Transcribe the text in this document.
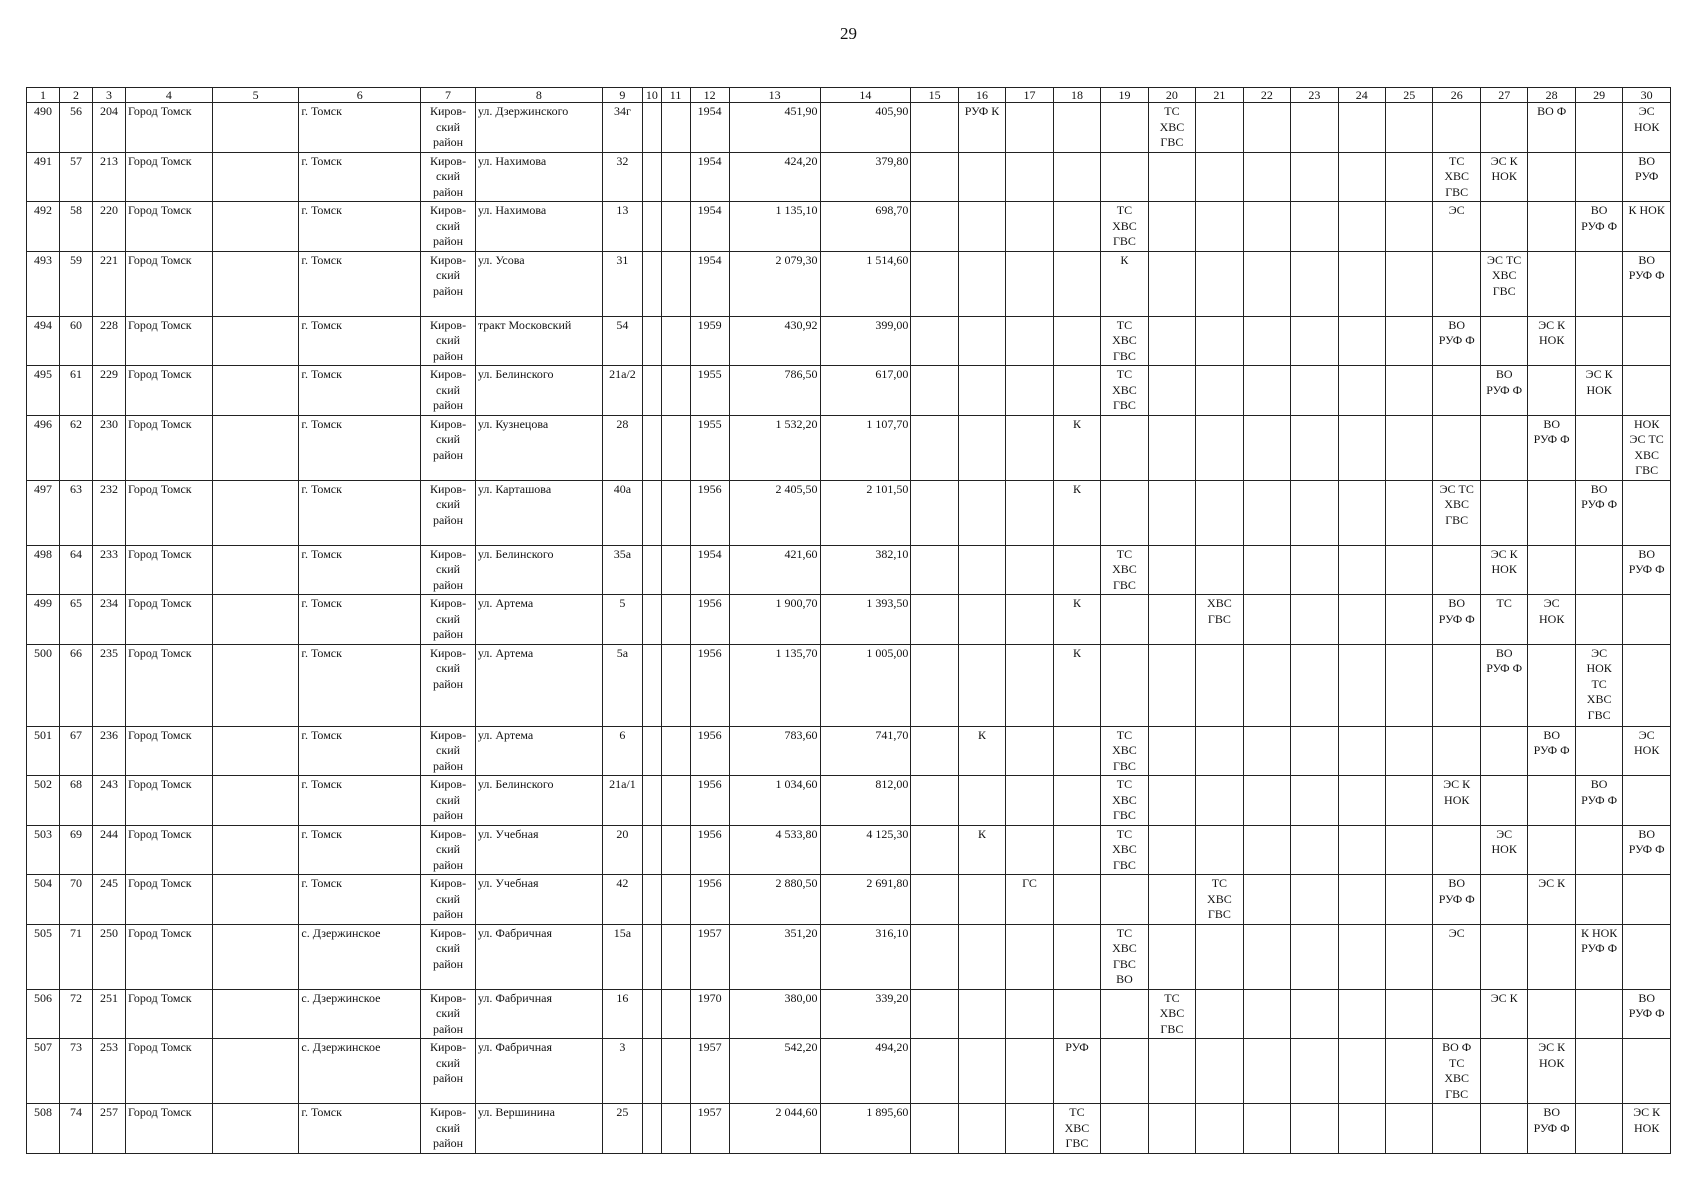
29
1	2	3	4	5	6	7	8	9	10	11	12	13	14	15	16	17	18	19	20	21	22	23	24	25	26	27	28	29	30
490	56	204	Город Томск		г. Томск	Киров-
ский
район	ул. Дзержинского	34г			1954	451,90	405,90		РУФ К				ТС
ХВС
ГВС								ВО Ф		ЭС
НОК
491	57	213	Город Томск		г. Томск	Киров-
ский
район	ул. Нахимова	32			1954	424,20	379,80												ТС
ХВС
ГВС	ЭС К
НОК			ВО
РУФ
492	58	220	Город Томск		г. Томск	Киров-
ский
район	ул. Нахимова	13			1954	1 135,10	698,70					ТС
ХВС
ГВС							ЭС			ВО
РУФ Ф	К НОК
493	59	221	Город Томск		г. Томск	Киров-
ский
район	ул. Усова	31			1954	2 079,30	1 514,60					К								ЭС ТС
ХВС
ГВС			ВО
РУФ Ф
494	60	228	Город Томск		г. Томск	Киров-
ский
район	тракт Московский	54			1959	430,92	399,00					ТС
ХВС
ГВС							ВО
РУФ Ф		ЭС К
НОК		
495	61	229	Город Томск		г. Томск	Киров-
ский
район	ул. Белинского	21а/2			1955	786,50	617,00					ТС
ХВС
ГВС								ВО
РУФ Ф		ЭС К
НОК	
496	62	230	Город Томск		г. Томск	Киров-
ский
район	ул. Кузнецова	28			1955	1 532,20	1 107,70				К										ВО
РУФ Ф		НОК
ЭС ТС
ХВС
ГВС
497	63	232	Город Томск		г. Томск	Киров-
ский
район	ул. Карташова	40а			1956	2 405,50	2 101,50				К								ЭС ТС
ХВС
ГВС			ВО
РУФ Ф	
498	64	233	Город Томск		г. Томск	Киров-
ский
район	ул. Белинского	35а			1954	421,60	382,10					ТС
ХВС
ГВС								ЭС К
НОК			ВО
РУФ Ф
499	65	234	Город Томск		г. Томск	Киров-
ский
район	ул. Артема	5			1956	1 900,70	1 393,50				К			ХВС
ГВС					ВО
РУФ Ф	ТС	ЭС
НОК		
500	66	235	Город Томск		г. Томск	Киров-
ский
район	ул. Артема	5а			1956	1 135,70	1 005,00				К									ВО
РУФ Ф		ЭС
НОК
ТС
ХВС
ГВС	
501	67	236	Город Томск		г. Томск	Киров-
ский
район	ул. Артема	6			1956	783,60	741,70		К			ТС
ХВС
ГВС									ВО
РУФ Ф		ЭС
НОК
502	68	243	Город Томск		г. Томск	Киров-
ский
район	ул. Белинского	21а/1			1956	1 034,60	812,00					ТС
ХВС
ГВС							ЭС К
НОК			ВО
РУФ Ф	
503	69	244	Город Томск		г. Томск	Киров-
ский
район	ул. Учебная	20			1956	4 533,80	4 125,30		К			ТС
ХВС
ГВС								ЭС
НОК			ВО
РУФ Ф
504	70	245	Город Томск		г. Томск	Киров-
ский
район	ул. Учебная	42			1956	2 880,50	2 691,80			ГС				ТС
ХВС
ГВС					ВО
РУФ Ф		ЭС К		
505	71	250	Город Томск		с. Дзержинское	Киров-
ский
район	ул. Фабричная	15а			1957	351,20	316,10					ТС
ХВС
ГВС
ВО							ЭС			К НОК
РУФ Ф	
506	72	251	Город Томск		с. Дзержинское	Киров-
ский
район	ул. Фабричная	16			1970	380,00	339,20						ТС
ХВС
ГВС							ЭС К			ВО
РУФ Ф
507	73	253	Город Томск		с. Дзержинское	Киров-
ский
район	ул. Фабричная	3			1957	542,20	494,20				РУФ								ВО Ф
ТС
ХВС
ГВС		ЭС К
НОК		
508	74	257	Город Томск		г. Томск	Киров-
ский
район	ул. Вершинина	25			1957	2 044,60	1 895,60				ТС
ХВС
ГВС										ВО
РУФ Ф		ЭС К
НОК
